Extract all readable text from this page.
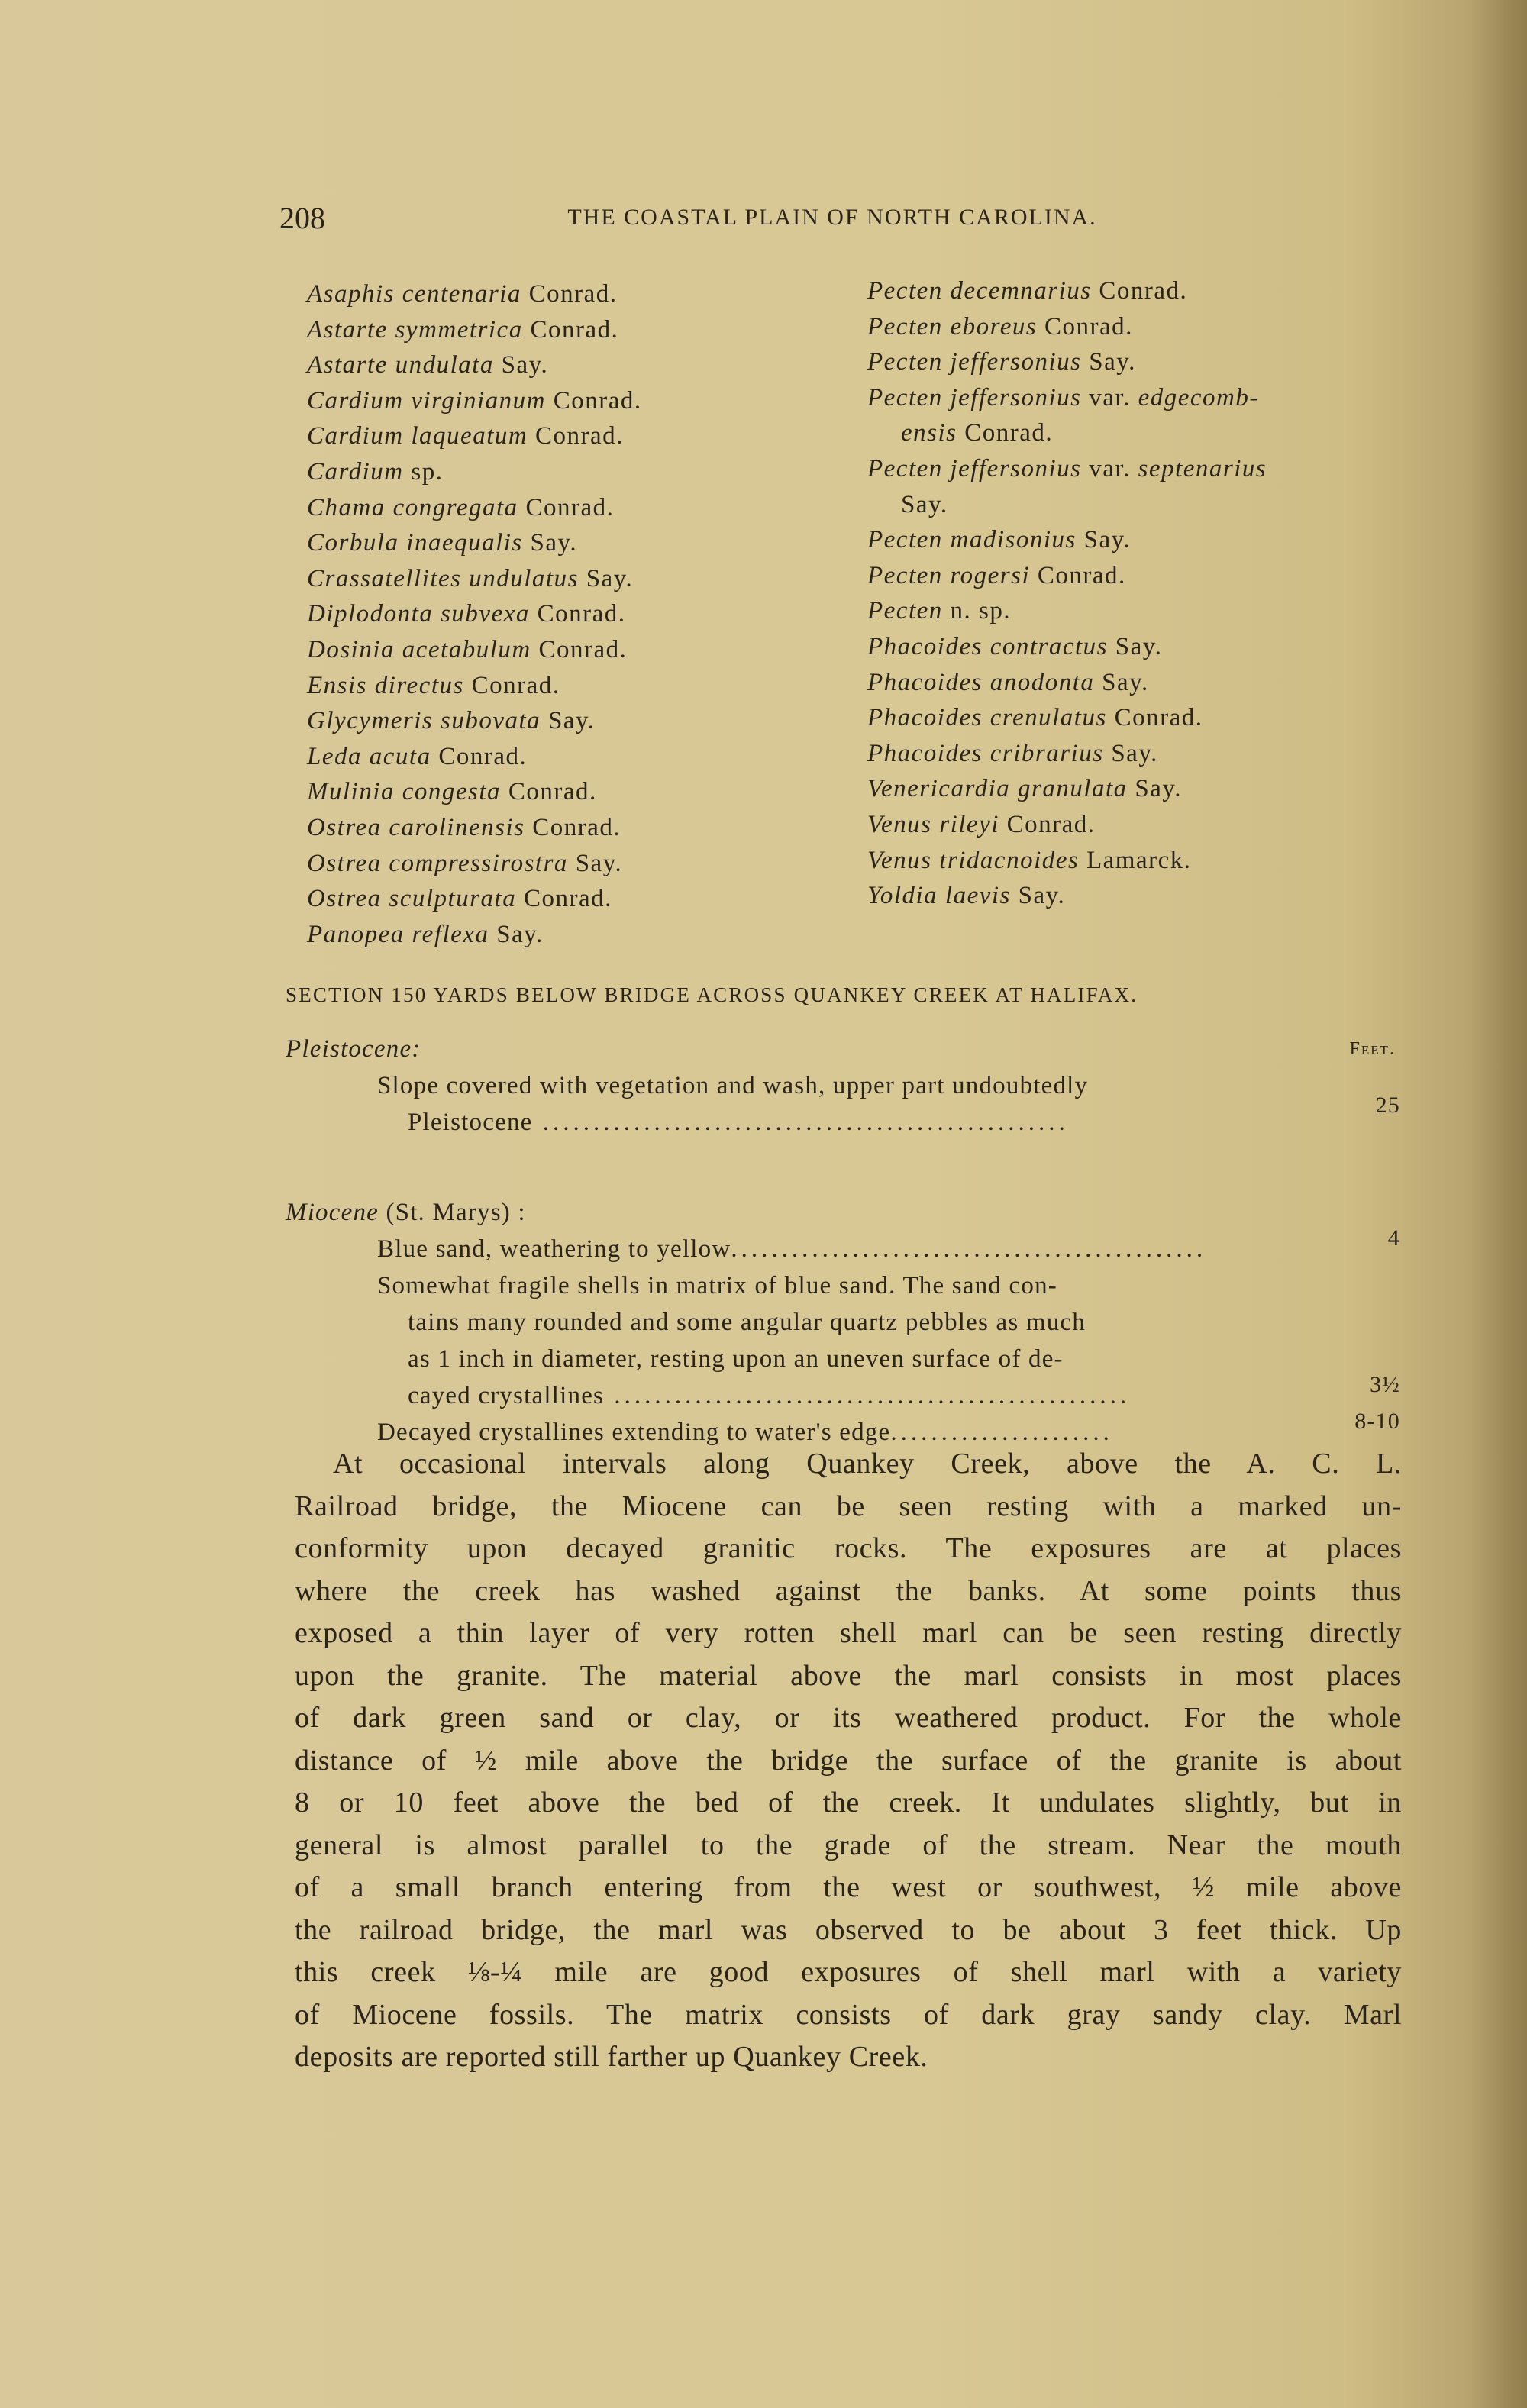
208	THE COASTAL PLAIN OF NORTH CAROLINA.
Asaphis centenaria Conrad.
Astarte symmetrica Conrad.
Astarte undulata Say.
Cardium virginianum Conrad.
Cardium laqueatum Conrad.
Cardium sp.
Chama congregata Conrad.
Corbula inaequalis Say.
Crassatellites undulatus Say.
Diplodonta subvexa Conrad.
Dosinia acetabulum Conrad.
Ensis directus Conrad.
Glycymeris subovata Say.
Leda acuta Conrad.
Mulinia congesta Conrad.
Ostrea carolinensis Conrad.
Ostrea compressirostra Say.
Ostrea sculpturata Conrad.
Panopea reflexa Say.
Pecten decemnarius Conrad.
Pecten eboreus Conrad.
Pecten jeffersonius Say.
Pecten jeffersonius var. edgecomb-
ensis Conrad.
Pecten jeffersonius var. septenarius
Say.
Pecten madisonius Say.
Pecten rogersi Conrad.
Pecten n. sp.
Phacoides contractus Say.
Phacoides anodonta Say.
Phacoides crenulatus Conrad.
Phacoides cribrarius Say.
Venericardia granulata Say.
Venus rileyi Conrad.
Venus tridacnoides Lamarck.
Yoldia laevis Say.
SECTION 150 YARDS BELOW BRIDGE ACROSS QUANKEY CREEK AT HALIFAX.
Pleistocene:	Feet.
Slope covered with vegetation and wash, upper part undoubtedly
Pleistocene ....................................................
25
Miocene (St. Marys) :
Blue sand, weathering to yellow...............................................	4
Somewhat fragile shells in matrix of blue sand. The sand con-
tains many rounded and some angular quartz pebbles as much
as 1 inch in diameter, resting upon an uneven surface of de-
cayed crystallines ...................................................	3½
Decayed crystallines extending to water's edge......................	8-10
At occasional intervals along Quankey Creek, above the A. C. L.
Railroad bridge, the Miocene can be seen resting with a marked un-
conformity upon decayed granitic rocks. The exposures are at places
where the creek has washed against the banks. At some points thus
exposed a thin layer of very rotten shell marl can be seen resting directly
upon the granite. The material above the marl consists in most places
of dark green sand or clay, or its weathered product. For the whole
distance of ½ mile above the bridge the surface of the granite is about
8 or 10 feet above the bed of the creek. It undulates slightly, but in
general is almost parallel to the grade of the stream. Near the mouth
of a small branch entering from the west or southwest, ½ mile above
the railroad bridge, the marl was observed to be about 3 feet thick. Up
this creek ⅛-¼ mile are good exposures of shell marl with a variety
of Miocene fossils. The matrix consists of dark gray sandy clay. Marl
deposits are reported still farther up Quankey Creek.
